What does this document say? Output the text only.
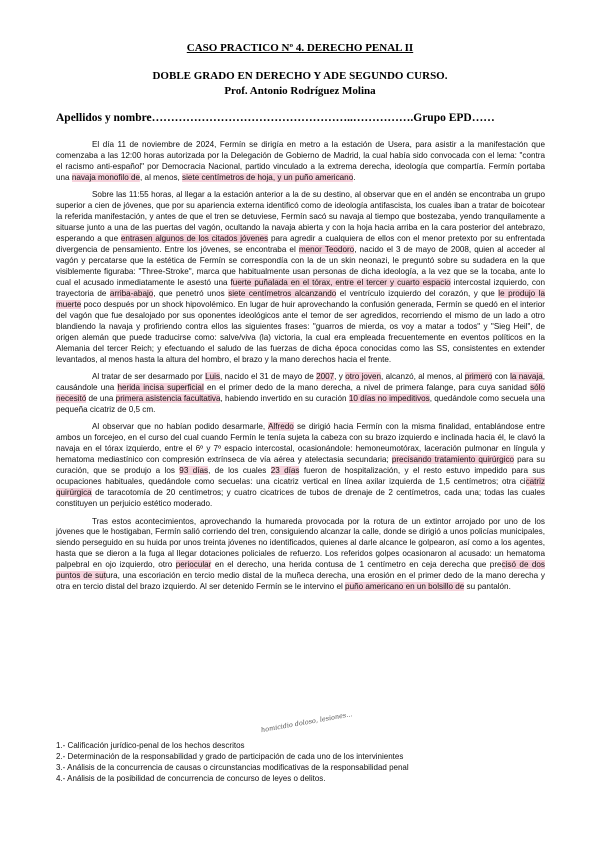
CASO PRACTICO Nº 4. DERECHO PENAL II
DOBLE GRADO EN DERECHO Y ADE SEGUNDO CURSO.
Prof. Antonio Rodríguez Molina
Apellidos y nombre……………………………………………..…………….Grupo EPD……

El día 11 de noviembre de 2024, Fermín se dirigía en metro a la estación de Usera, para asistir a la manifestación que comenzaba a las 12:00 horas autorizada por la Delegación de Gobierno de Madrid, la cual había sido convocada con el lema: "contra el racismo anti-español" por Democracia Nacional, partido vinculado a la extrema derecha, ideología que compartía. Fermín portaba una navaja monofilo de, al menos, siete centímetros de hoja, y un puño americano.

Sobre las 11:55 horas, al llegar a la estación anterior a la de su destino, al observar que en el andén se encontraba un grupo superior a cien de jóvenes, que por su apariencia externa identificó como de ideología antifascista, los cuales iban a tratar de boicotear la referida manifestación, y antes de que el tren se detuviese, Fermín sacó su navaja al tiempo que bostezaba, yendo tranquilamente a situarse junto a una de las puertas del vagón, ocultando la navaja abierta y con la hoja hacia arriba en la cara posterior del antebrazo, esperando a que entrasen algunos de los citados jóvenes para agredir a cualquiera de ellos con el menor pretexto por su enfrentada divergencia de pensamiento. Entre los jóvenes, se encontraba el menor Teodoro, nacido el 3 de mayo de 2008, quien al acceder al vagón y percatarse que la estética de Fermín se correspondía con la de un skin neonazi, le preguntó sobre su sudadera en la que visiblemente figuraba: "Three-Stroke", marca que habitualmente usan personas de dicha ideología, a la vez que se la tocaba, ante lo cual el acusado inmediatamente le asestó una fuerte puñalada en el tórax, entre el tercer y cuarto espacio intercostal izquierdo, con trayectoria de arriba-abajo, que penetró unos siete centímetros alcanzando el ventrículo izquierdo del corazón, y que le produjo la muerte poco después por un shock hipovolémico. En lugar de huir aprovechando la confusión generada, Fermín se quedó en el interior del vagón que fue desalojado por sus oponentes ideológicos ante el temor de ser agredidos, recorriendo el mismo de un lado a otro blandiendo la navaja y profiriendo contra ellos las siguientes frases: "guarros de mierda, os voy a matar a todos" y "Sieg Heil", de origen alemán que puede traducirse como: salve/viva (la) victoria, la cual era empleada frecuentemente en eventos políticos en la Alemania del tercer Reich; y efectuando el saludo de las fuerzas de dicha época conocidas como las SS, consistentes en extender levantados, al menos hasta la altura del hombro, el brazo y la mano derechos hacia el frente.

Al tratar de ser desarmado por Luis, nacido el 31 de mayo de 2007, y otro joven, alcanzó, al menos, al primero con la navaja, causándole una herida incisa superficial en el primer dedo de la mano derecha, a nivel de primera falange, para cuya sanidad sólo necesitó de una primera asistencia facultativa, habiendo invertido en su curación 10 días no impeditivos, quedándole como secuela una pequeña cicatriz de 0,5 cm.

Al observar que no habían podido desarmarle, Alfredo se dirigió hacia Fermín con la misma finalidad, entablándose entre ambos un forcejeo, en el curso del cual cuando Fermín le tenía sujeta la cabeza con su brazo izquierdo e inclinada hacia él, le clavó la navaja en el tórax izquierdo, entre el 6º y 7º espacio intercostal, ocasionándole: hemoneumotórax, laceración pulmonar en língula y hematoma mediastínico con compresión extrínseca de vía aérea y atelectasia secundaria; precisando tratamiento quirúrgico para su curación, que se produjo a los 93 días, de los cuales 23 días fueron de hospitalización, y el resto estuvo impedido para sus ocupaciones habituales, quedándole como secuelas: una cicatriz vertical en línea axilar izquierda de 1,5 centímetros; otra cicatriz quirúrgica de taracotomía de 20 centímetros; y cuatro cicatrices de tubos de drenaje de 2 centímetros, cada una; todas las cuales constituyen un perjuicio estético moderado.

Tras estos acontecimientos, aprovechando la humareda provocada por la rotura de un extintor arrojado por uno de los jóvenes que le hostigaban, Fermín salió corriendo del tren, consiguiendo alcanzar la calle, donde se dirigió a unos policías municipales, siendo perseguido en su huida por unos treinta jóvenes no identificados, quienes al darle alcance le golpearon, así como a los agentes, hasta que se dieron a la fuga al llegar dotaciones policiales de refuerzo. Los referidos golpes ocasionaron al acusado: un hematoma palpebral en ojo izquierdo, otro periocular en el derecho, una herida contusa de 1 centímetro en ceja derecha que precisó de dos puntos de sutura, una escoriación en tercio medio distal de la muñeca derecha, una erosión en el primer dedo de la mano derecha y otra en tercio distal del brazo izquierdo. Al ser detenido Fermín se le intervino el puño americano en un bolsillo de su pantalón.

homicidio doloso, lesiones...
1.- Calificación jurídico-penal de los hechos descritos
2.- Determinación de la responsabilidad y grado de participación de cada uno de los intervinientes
3.- Análisis de la concurrencia de causas o circunstancias modificativas de la responsabilidad penal
4.- Análisis de la posibilidad de concurrencia de concurso de leyes o delitos.
